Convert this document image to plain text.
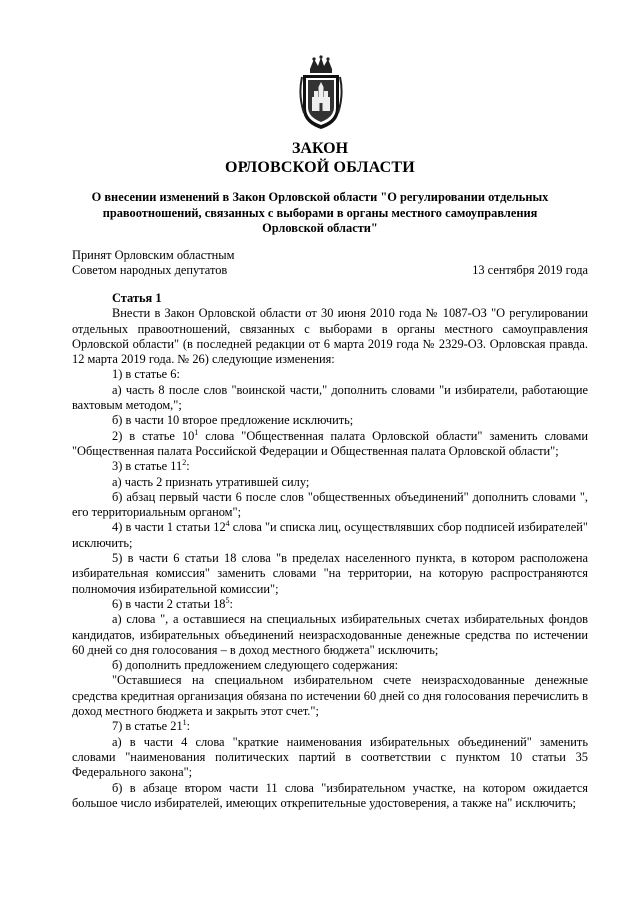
ЗАКОН
ОРЛОВСКОЙ ОБЛАСТИ
О внесении изменений в Закон Орловской области "О регулировании отдельных правоотношений, связанных с выборами в органы местного самоуправления Орловской области"
Принят Орловским областным
Советом народных депутатов	13 сентября 2019 года

Статья 1

Внести в Закон Орловской области от 30 июня 2010 года № 1087-ОЗ "О регулировании отдельных правоотношений, связанных с выборами в органы местного самоуправления Орловской области" (в последней редакции от 6 марта 2019 года № 2329-ОЗ. Орловская правда. 12 марта 2019 года. № 26) следующие изменения:

1) в статье 6:

а) часть 8 после слов "воинской части," дополнить словами "и избиратели, работающие вахтовым методом,";

б) в части 10 второе предложение исключить;

2) в статье $10^1$ слова "Общественная палата Орловской области" заменить словами "Общественная палата Российской Федерации и Общественная палата Орловской области";

3) в статье $11^2$:

а) часть 2 признать утратившей силу;

б) абзац первый части 6 после слов "общественных объединений" дополнить словами ", его территориальным органом";

4) в части 1 статьи $12^4$ слова "и списка лиц, осуществлявших сбор подписей избирателей" исключить;

5) в части 6 статьи 18 слова "в пределах населенного пункта, в котором расположена избирательная комиссия" заменить словами "на территории, на которую распространяются полномочия избирательной комиссии";

6) в части 2 статьи $18^5$:

а) слова ", а оставшиеся на специальных избирательных счетах избирательных фондов кандидатов, избирательных объединений неизрасходованные денежные средства по истечении 60 дней со дня голосования – в доход местного бюджета" исключить;

б) дополнить предложением следующего содержания:

"Оставшиеся на специальном избирательном счете неизрасходованные денежные средства кредитная организация обязана по истечении 60 дней со дня голосования перечислить в доход местного бюджета и закрыть этот счет.";

7) в статье $21^1$:

а) в части 4 слова "краткие наименования избирательных объединений" заменить словами "наименования политических партий в соответствии с пунктом 10 статьи 35 Федерального закона";

б) в абзаце втором части 11 слова "избирательном участке, на котором ожидается большое число избирателей, имеющих открепительные удостоверения, а также на" исключить;
